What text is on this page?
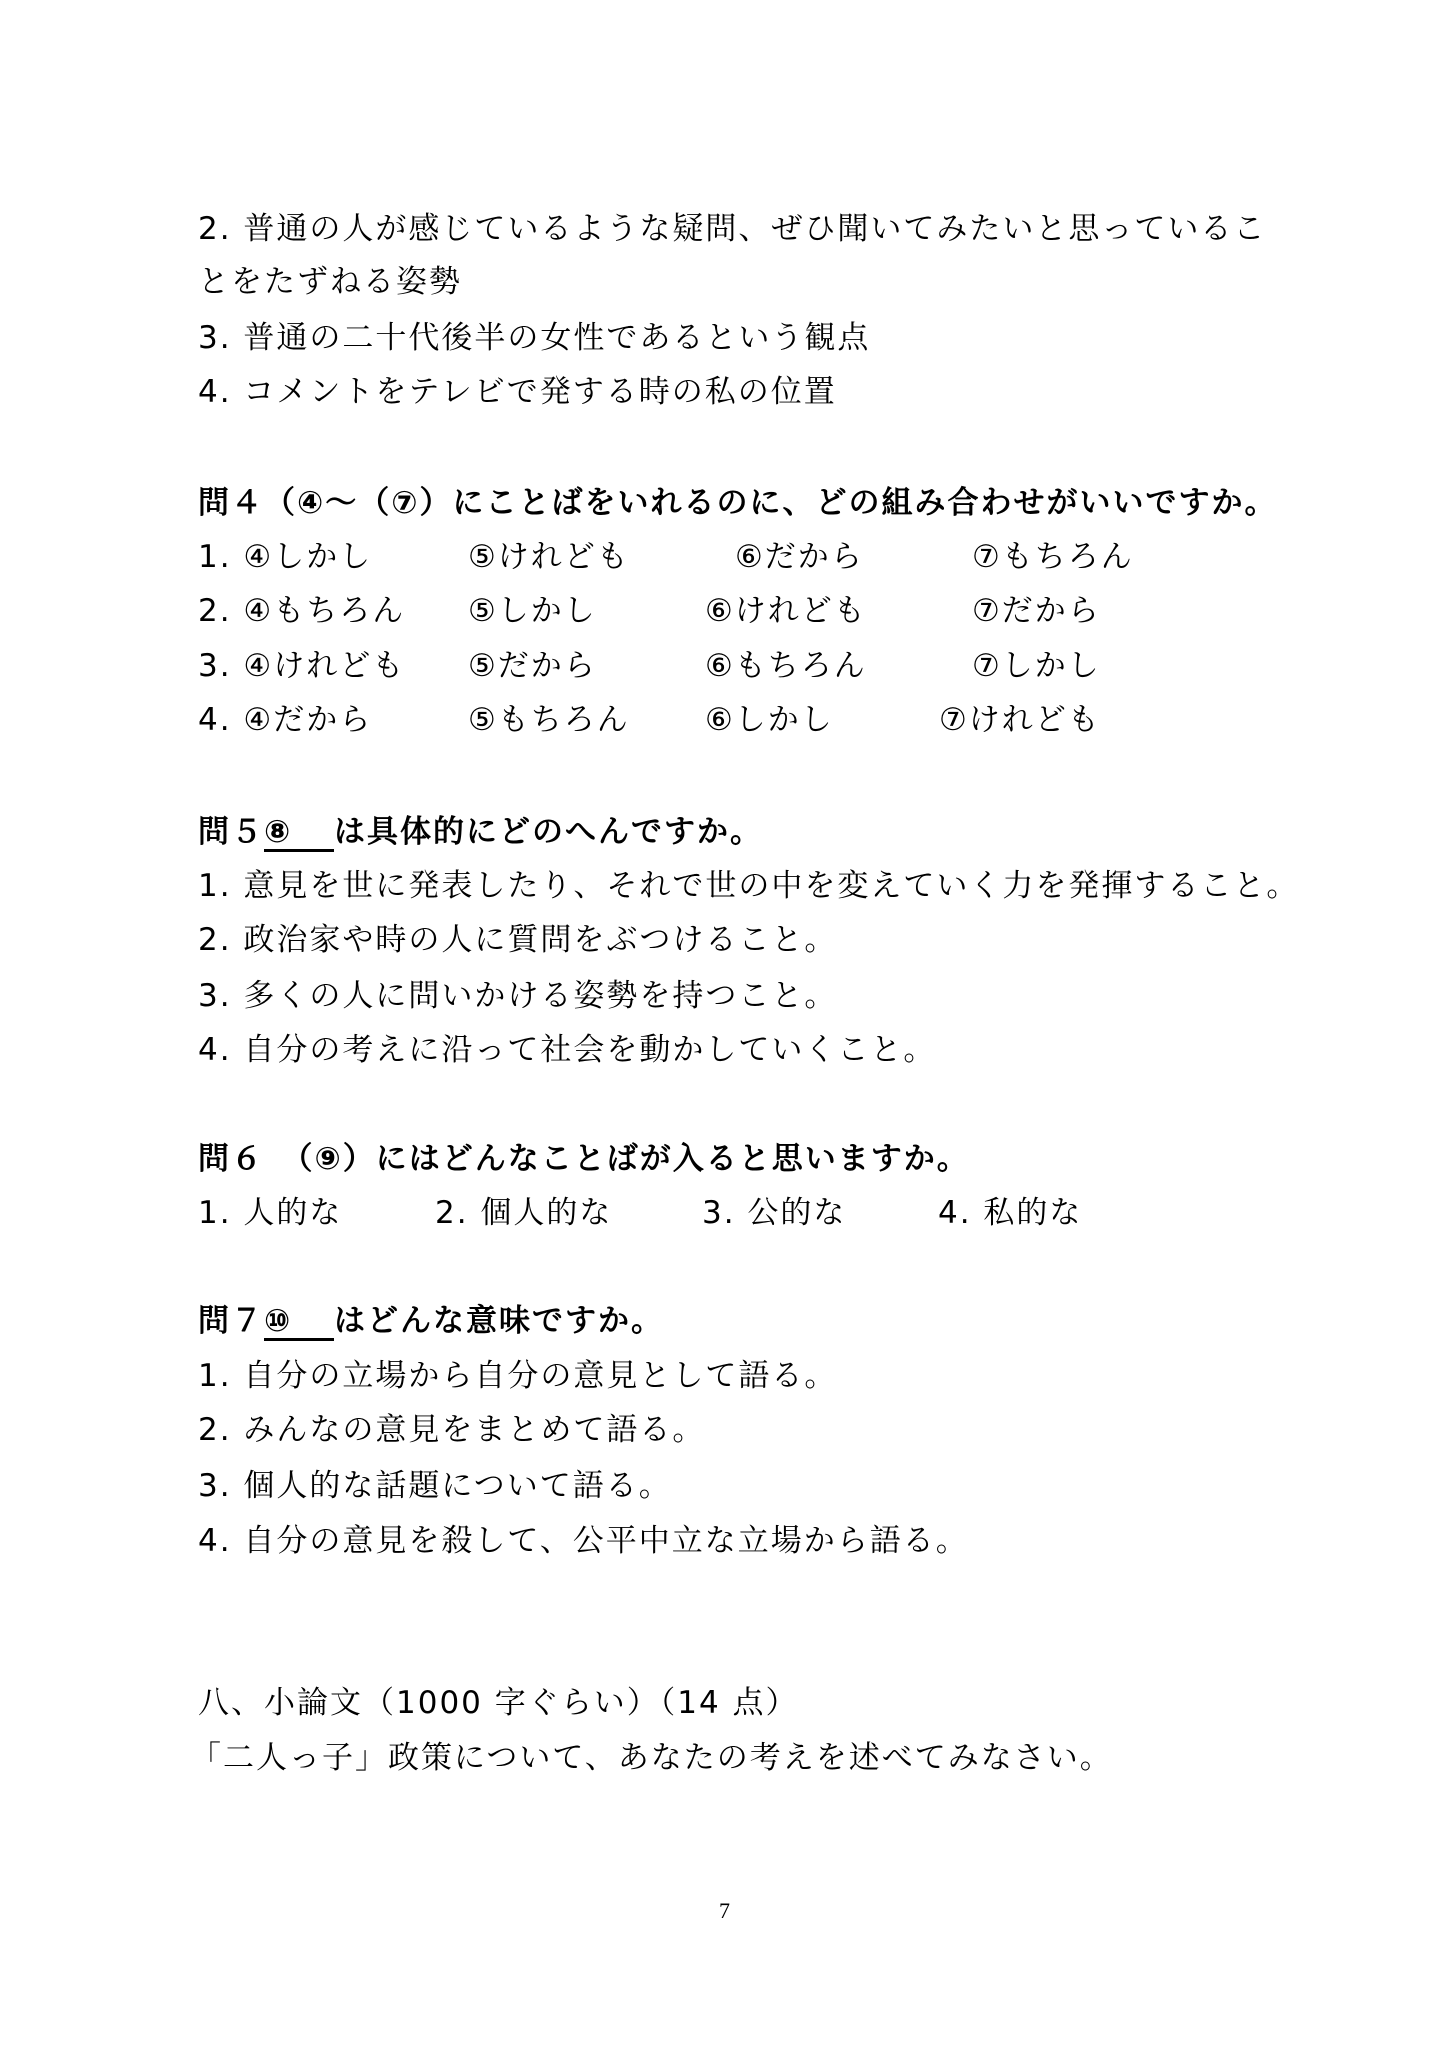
2. 普通の人が感じているような疑問、ぜひ聞いてみたいと思っているこ
とをたずねる姿勢
3. 普通の二十代後半の女性であるという観点
4. コメントをテレビで発する時の私の位置
問４（④～（⑦）にことばをいれるのに、どの組み合わせがいいですか。
1. ④しかし	⑤けれども	⑥だから	⑦もちろん
2. ④もちろん ⑤しかし	⑥けれども	⑦だから
3. ④けれども ⑤だから	⑥もちろん	⑦しかし
4. ④だから	⑤もちろん ⑥しかし	⑦けれども
問５⑧ は具体的にどのへんですか。
1. 意見を世に発表したり、それで世の中を変えていく力を発揮すること。
2. 政治家や時の人に質問をぶつけること。
3. 多くの人に問いかける姿勢を持つこと。
4. 自分の考えに沿って社会を動かしていくこと。
問６　（⑨）にはどんなことばが入ると思いますか。
1. 人的な	2. 個人的な	3. 公的な	4. 私的な
問７⑩ はどんな意味ですか。
1. 自分の立場から自分の意見として語る。
2. みんなの意見をまとめて語る。
3. 個人的な話題について語る。
4. 自分の意見を殺して、公平中立な立場から語る。
八、小論文（1000 字ぐらい）（14 点）
「二人っ子」政策について、あなたの考えを述べてみなさい。
7
